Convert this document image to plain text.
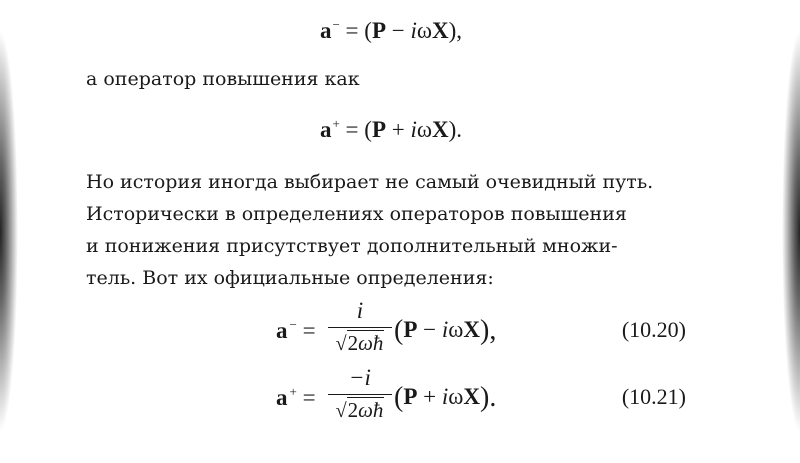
a− = (P − iωX),
а оператор повышения как
a+ = (P + iωX).
Но история иногда выбирает не самый очевидный путь.
Исторически в определениях операторов повышения
и понижения присутствует дополнительный множи-
тель. Вот их официальные определения:
a − =
i
√2ωħ (P − iωX),	(10.20)
a + =
−i
√2ωħ (P + iωX).	(10.21)
